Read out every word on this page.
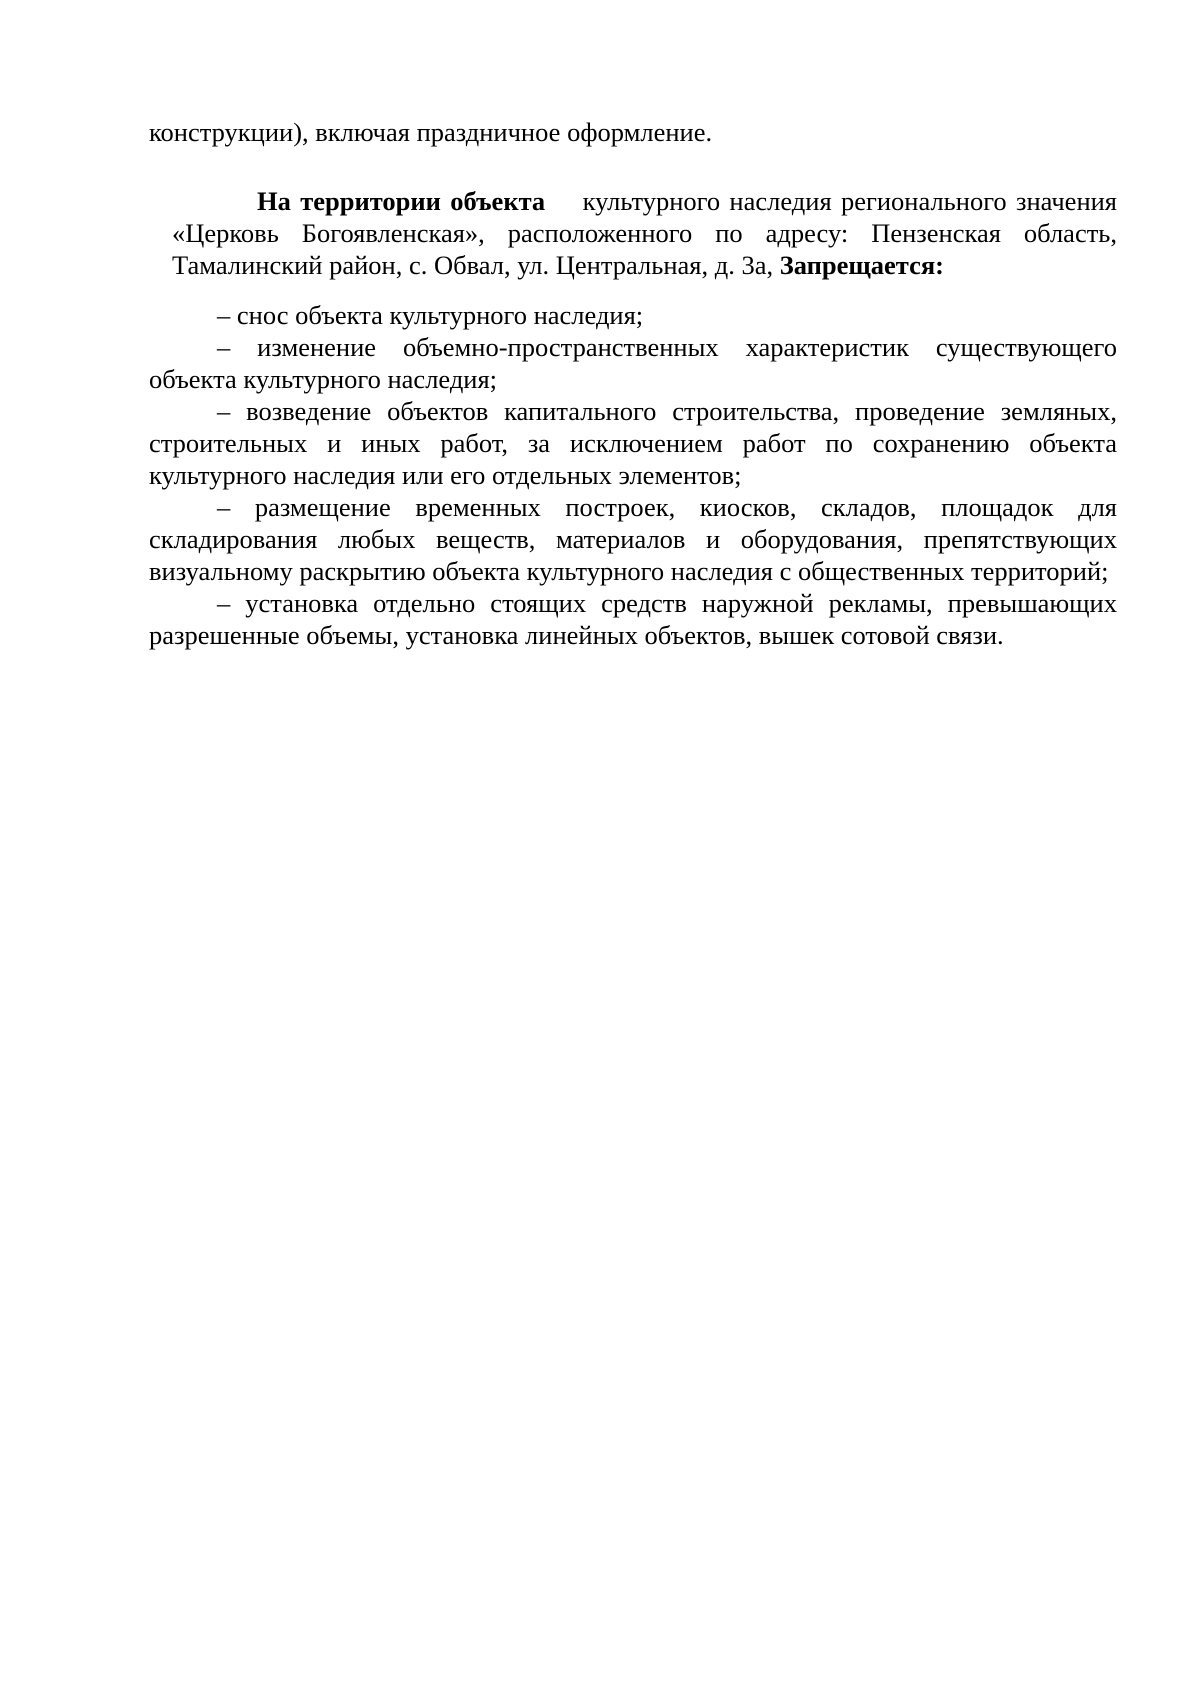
конструкции), включая праздничное оформление.

На территории объекта культурного наследия регионального значения «Церковь Богоявленская», расположенного по адресу: Пензенская область, Тамалинский район, с. Обвал, ул. Центральная, д. 3а, Запрещается:

– снос объекта культурного наследия;

– изменение объемно-пространственных характеристик существующего объекта культурного наследия;

– возведение объектов капитального строительства, проведение земляных, строительных и иных работ, за исключением работ по сохранению объекта культурного наследия или его отдельных элементов;

– размещение временных построек, киосков, складов, площадок для складирования любых веществ, материалов и оборудования, препятствующих визуальному раскрытию объекта культурного наследия с общественных территорий;

– установка отдельно стоящих средств наружной рекламы, превышающих разрешенные объемы, установка линейных объектов, вышек сотовой связи.
